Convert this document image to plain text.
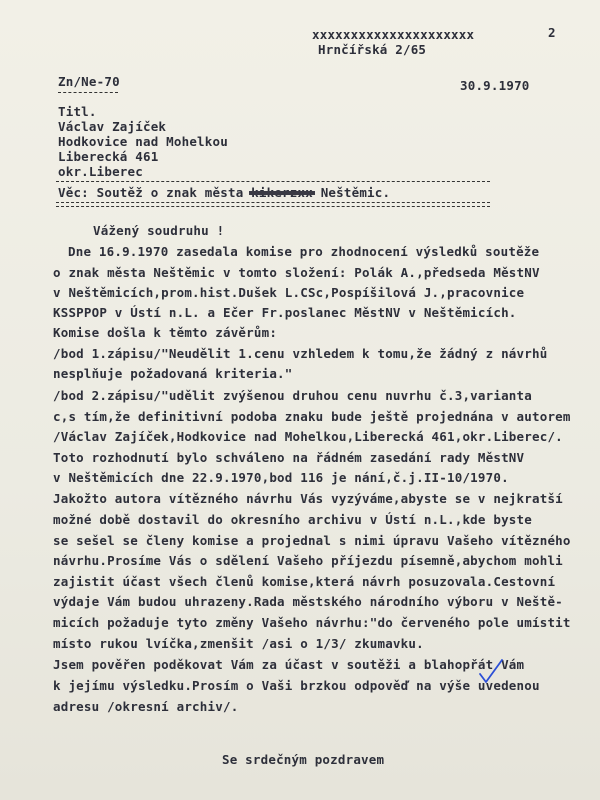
xxxxxxxxxxxxxxxxxxxxx	2
Hrnčířská 2/65
Zn/Ne-70	30.9.1970
Titl.
Václav Zajíček
Hodkovice nad Mohelkou
Liberecká 461
okr.Liberec
Věc: Soutěž o znak města kikerzxx Neštěmic.
Vážený soudruhu !
Dne 16.9.1970 zasedala komise pro zhodnocení výsledků soutěže
o znak města Neštěmic v tomto složení: Polák A.,předseda MěstNV
v Neštěmicích,prom.hist.Dušek L.CSc,Pospíšilová J.,pracovnice
KSSPPOP v Ústí n.L. a Ečer Fr.poslanec MěstNV v Neštěmicích.
Komise došla k těmto závěrům:
/bod 1.zápisu/"Neudělit 1.cenu vzhledem k tomu,že žádný z návrhů
nesplňuje požadovaná kriteria."
/bod 2.zápisu/"udělit zvýšenou druhou cenu nuvrhu č.3,varianta
c,s tím,že definitivní podoba znaku bude ještě projednána v autorem
/Václav Zajíček,Hodkovice nad Mohelkou,Liberecká 461,okr.Liberec/.
Toto rozhodnutí bylo schváleno na řádném zasedání rady MěstNV
v Neštěmicích dne 22.9.1970,bod 116 je nání,č.j.II-10/1970.
Jakožto autora vítězného návrhu Vás vyzýváme,abyste se v nejkratší
možné době dostavil do okresního archivu v Ústí n.L.,kde byste
se sešel se členy komise a projednal s nimi úpravu Vašeho vítězného
návrhu.Prosíme Vás o sdělení Vašeho příjezdu písemně,abychom mohli
zajistit účast všech členů komise,která návrh posuzovala.Cestovní
výdaje Vám budou uhrazeny.Rada městského národního výboru v Neště-
micích požaduje tyto změny Vašeho návrhu:"do červeného pole umístit
místo rukou lvíčka,zmenšit /asi o 1/3/ zkumavku.
Jsem pověřen poděkovat Vám za účast v soutěži a blahopřát Vám
k jejímu výsledku.Prosím o Vaši brzkou odpověď na výše uvedenou
adresu /okresní archiv/.
Se srdečným pozdravem
